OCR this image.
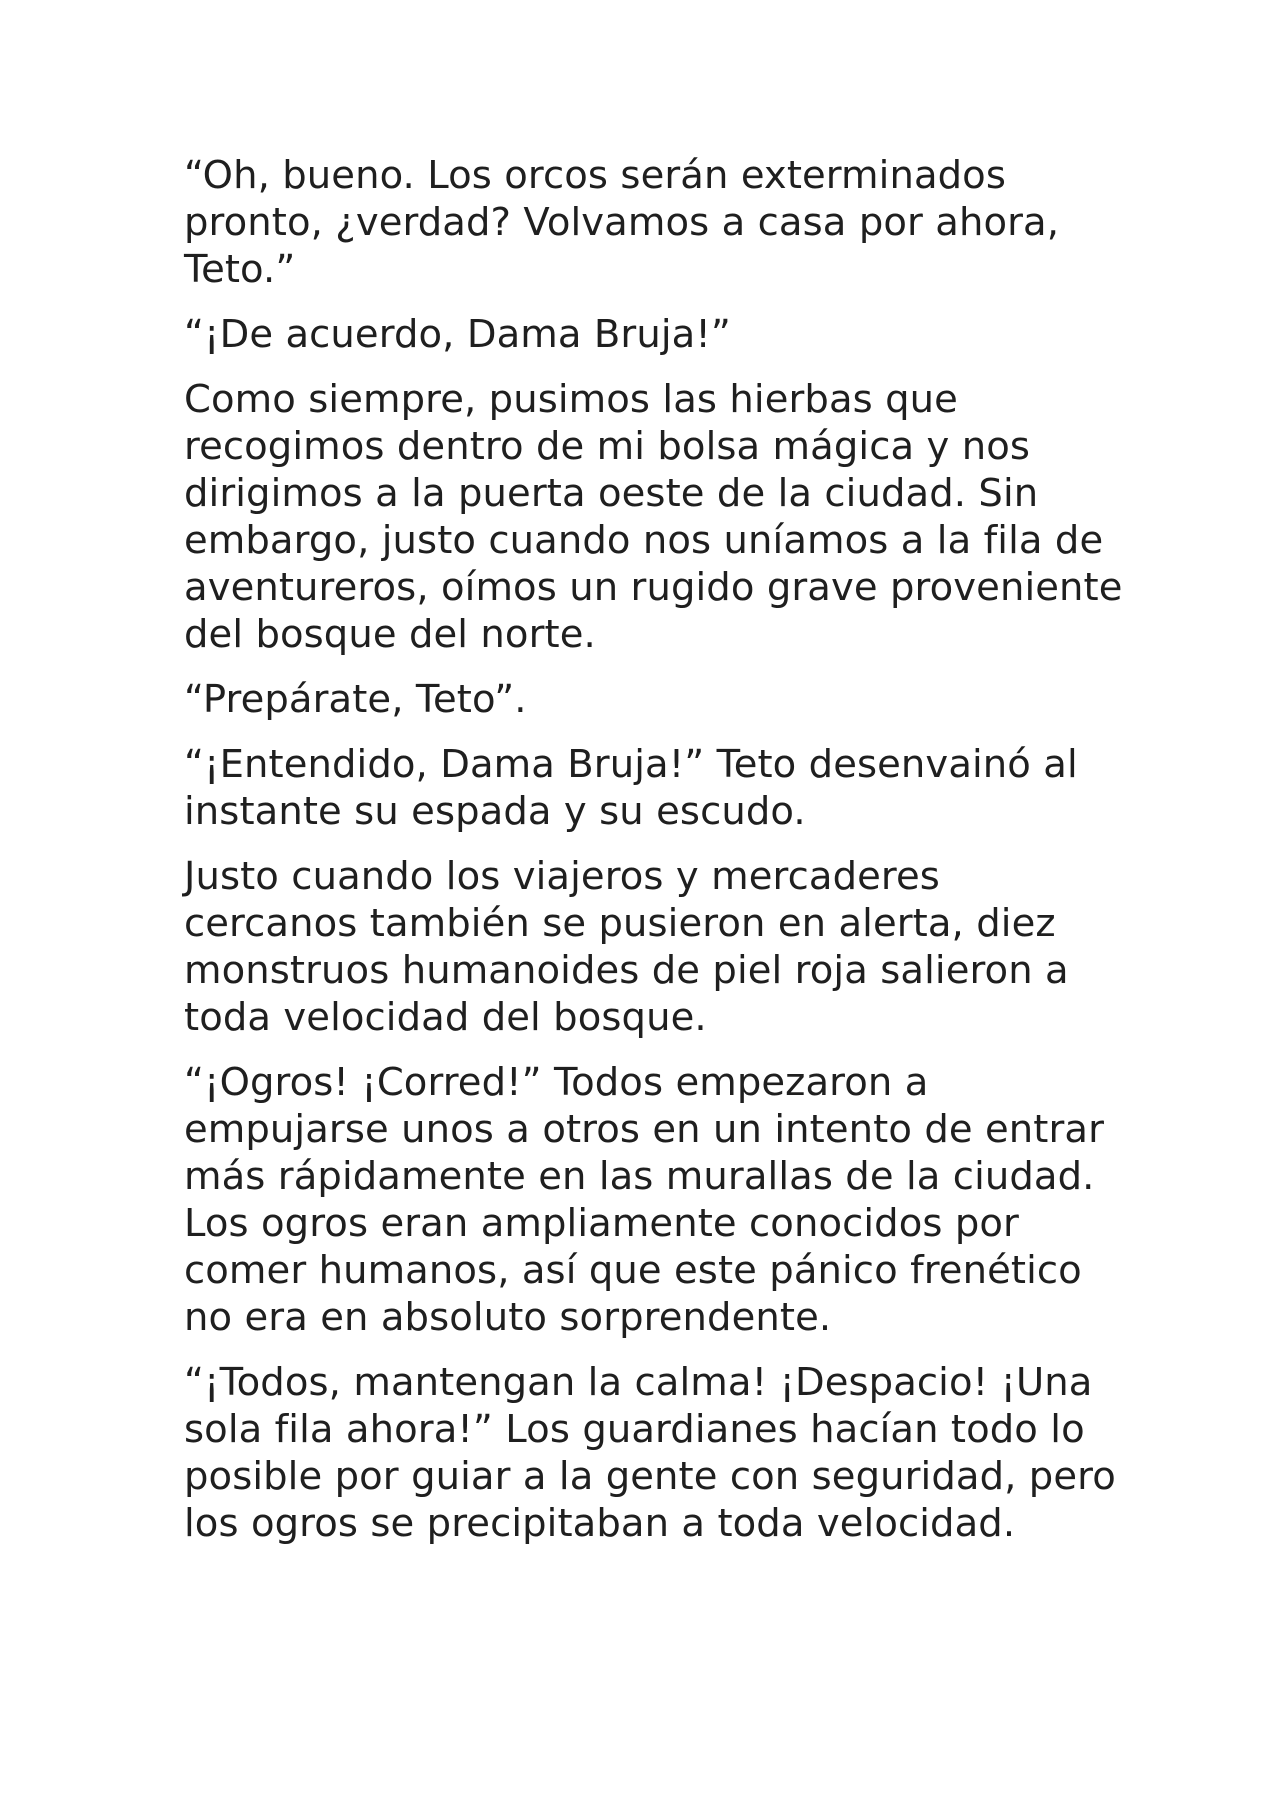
“Oh, bueno. Los orcos serán exterminados pronto, ¿verdad? Volvamos a casa por ahora, Teto.”

“¡De acuerdo, Dama Bruja!”

Como siempre, pusimos las hierbas que recogimos dentro de mi bolsa mágica y nos dirigimos a la puerta oeste de la ciudad. Sin embargo, justo cuando nos uníamos a la fila de aventureros, oímos un rugido grave proveniente del bosque del norte.

“Prepárate, Teto”.

“¡Entendido, Dama Bruja!” Teto desenvainó al instante su espada y su escudo.

Justo cuando los viajeros y mercaderes cercanos también se pusieron en alerta, diez monstruos humanoides de piel roja salieron a toda velocidad del bosque.

“¡Ogros! ¡Corred!” Todos empezaron a empujarse unos a otros en un intento de entrar más rápidamente en las murallas de la ciudad. Los ogros eran ampliamente conocidos por comer humanos, así que este pánico frenético no era en absoluto sorprendente.

“¡Todos, mantengan la calma! ¡Despacio! ¡Una sola fila ahora!” Los guardianes hacían todo lo posible por guiar a la gente con seguridad, pero los ogros se precipitaban a toda velocidad.
